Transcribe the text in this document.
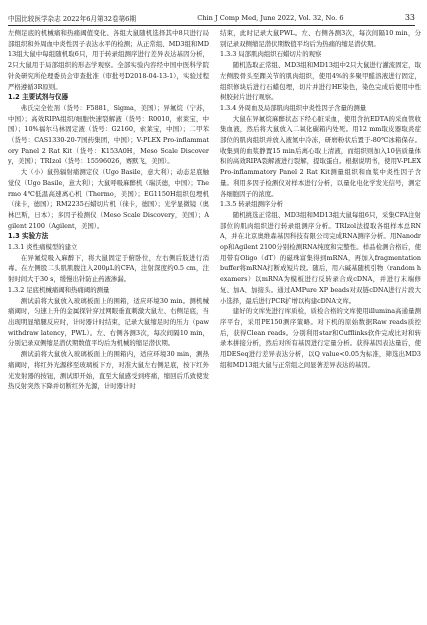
中国比较医学杂志 2022年6月第32卷第6期	Chin J Comp Med, June 2022, Vol. 32, No. 6	33

左侧足底的机械痛和热痛阈值变化、各组大鼠随机选择其中8只进行局部组织和外周血中炎性因子表达水平的检测；从正常组、MD3组和MD13组大鼠中每组随机取6只，用于转录组测序进行差异表达基因分析，2只大鼠用于局部组织的形态学观察。全部实验内容经中国中医科学院针灸研究所伦理委员会审查批准（审批号D2018-04-13-1），实验过程严格遵循3R原则。

1.2 主要试剂与仪器

弗氏完全佐剂（货号：F5881，Sigma，美国）；异氟烷（宁苏，中国）；高效RIPA组织/细胞快速裂解液（货号：R0010，索莱宝，中国）；10%福尔马林固定液（货号：G2160，索莱宝，中国）；二甲苯（货号：CAS1330-20-7国药集团，中国）；V-PLEX Pro-inflammatory Panel 2 Rat Kit（货号：K153A0H，Meso Scale Discovery，美国）；TRIzol（货号：15596026，赛默飞，美国）。

大（小）鼠热辐射痛测定仪（Ugo Basile，意大利）；动态足底触觉仪（Ugo Basile，意大利）；大鼠呼吸麻醉机（瑞沃德，中国）；Thermo 4℃低温高速离心机（Thermo，美国）；EG1150H组织包埋机（徕卡，德国）；RM2235石蜡切片机（徕卡，德国）；光学显微镜（奥林巴斯，日本）；多因子检测仪（Meso Scale Discovery，美国）；Agilent 2100（Agilent，美国）。

1.3 实验方法
1.3.1 炎性痛模型的建立

在异氟烷吸入麻醉下，将大鼠固定于俯卧位，左右侧后肢进行消毒。在左侧股二头肌肌腹注入200μL的CFA，注射深度约0.5 cm，注射时间大于30 s，缓慢出针防止药液渗漏。

1.3.2 足底机械痛阈和热痛阈的测量

测试前将大鼠放入玻璃板面上的围箱，适应环境30 min。测机械痛阈时，匀速上升的金属探针穿过网眼垂直刺激大鼠左、右侧足底，当出现明显缩腿反应时，计时器计时结束，记录大鼠缩足时的压力（paw withdraw latency，PWL）。左、右侧各测3次，每次间隔10 min，分别记录双侧缩足潜伏期数值平均后为机械的缩足潜伏期。

测试前将大鼠放入玻璃板面上的围箱内，适应环境30 min，测热痛阈时，将红外光源移至玻璃板下方，对准大鼠左右侧足底，按下红外光发射器的按钮，测试即开始，直至大鼠感受到疼痛，缩回后爪致使发热反射突然下降并切断红外光源，计时器计时

结束，此时记录大鼠PWL。左、右侧各测3次，每次间隔10 min，分别记录双侧缩足潜伏期数值平均后为热痛的缩足潜伏期。

1.3.3 局部肌肉组织石蜡切片的观察

随机选取正常组、MD3组和MD13组中2只大鼠进行灌流固定，取左侧股骨头至踝关节的肌肉组织，使用4%的多聚甲醛溶液进行固定，组织修块后进行石蜡包埋，切片并进行HE染色，染色完成后使用中性树胶封片进行观察。

1.3.4 外周血及局部肌肉组织中炎性因子含量的测量

大鼠在异氟烷麻醉状态下经心脏采血，使用含抗EDTA的采血管收集血液，然后将大鼠放入二氧化碳箱内处死。用12 mm取皮器取炎症部位的肌肉组织并放入液氮中冷冻，研磨粉状后置于-80℃冰箱保存。收集到的血浆静置15 min后离心取上清液，而组织则加入10倍质量体积的高效RIPA裂解液进行裂解，提取蛋白。根据说明书，使用V-PLEX Pro-inflammatory Panel 2 Rat Kit测量组织和血浆中炎性因子含量。利用多因子检测仪对样本进行分析，以量化电化学发光信号，测定各细胞因子的浓度。

1.3.5 转录组测序分析

随机挑选正常组、MD3组和MD13组大鼠每组6只，采集CFA注射部位的肌肉组织进行转录组测序分析。TRIzol法提取各组样本总RNA，并在北京奥维森基因科技有限公司完成RNA测序分析。用Nanodrop和Agilent 2100分别检测RNA纯度和完整性。样品检测合格后，使用带有Oligo（dT）的磁珠富集得到mRNA，再加入fragmentation buffer将mRNA打断成短片段。随后，用六碱基随机引物（random hexamers）以mRNA为模板进行反转录合成cDNA，并进行末端修复、加A、加接头。通过AMPure XP beads对双链cDNA进行片段大小选择，最后进行PCR扩增以构建cDNA文库。

建好的文库先进行库质检，质检合格的文库使用illumina高通量测序平台，采用PE150测序策略。对下机的原始数据Raw reads质控后，获得Clean reads。分别利用star和Cufflinks软件完成比对和转录本拼接分析，然后对所有基因进行定量分析。获得基因表达量后，使用DESeq进行差异表达分析，以Q value<0.05为标准，筛选出MD3组和MD13组大鼠与正常组之间显著差异表达的基因。
